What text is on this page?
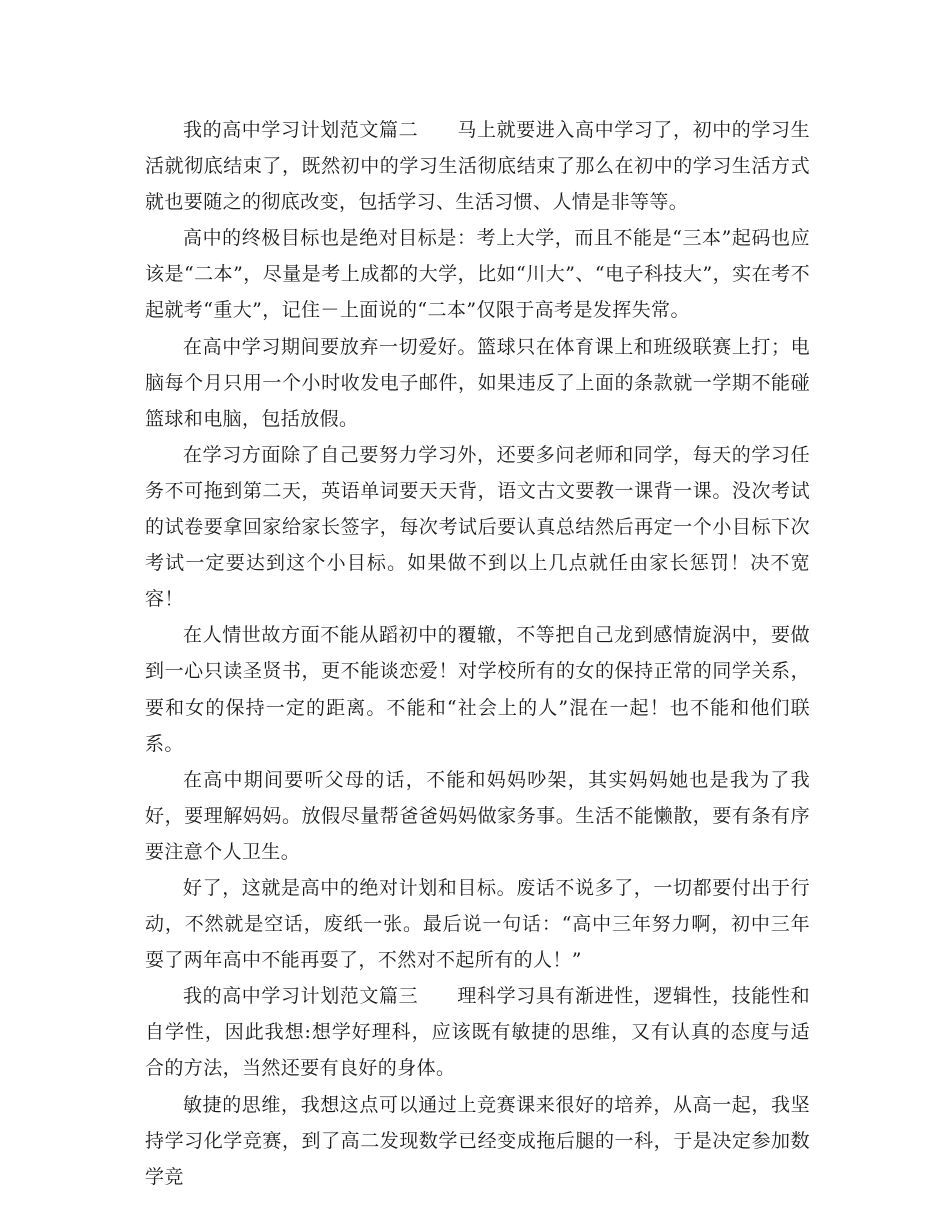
我的高中学习计划范文篇二　　马上就要进入高中学习了，初中的学习生活就彻底结束了，既然初中的学习生活彻底结束了那么在初中的学习生活方式就也要随之的彻底改变，包括学习、生活习惯、人情是非等等。

高中的终极目标也是绝对目标是：考上大学，而且不能是“三本”起码也应该是“二本”，尽量是考上成都的大学，比如“川大”、“电子科技大”，实在考不起就考“重大”，记住－上面说的“二本”仅限于高考是发挥失常。

在高中学习期间要放弃一切爱好。篮球只在体育课上和班级联赛上打；电脑每个月只用一个小时收发电子邮件，如果违反了上面的条款就一学期不能碰篮球和电脑，包括放假。

在学习方面除了自己要努力学习外，还要多问老师和同学，每天的学习任务不可拖到第二天，英语单词要天天背，语文古文要教一课背一课。没次考试的试卷要拿回家给家长签字，每次考试后要认真总结然后再定一个小目标下次考试一定要达到这个小目标。如果做不到以上几点就任由家长惩罚！决不宽容！

在人情世故方面不能从蹈初中的覆辙，不等把自己龙到感情旋涡中，要做到一心只读圣贤书，更不能谈恋爱！对学校所有的女的保持正常的同学关系，要和女的保持一定的距离。不能和“社会上的人”混在一起！也不能和他们联系。

在高中期间要听父母的话，不能和妈妈吵架，其实妈妈她也是我为了我好，要理解妈妈。放假尽量帮爸爸妈妈做家务事。生活不能懒散，要有条有序要注意个人卫生。

好了，这就是高中的绝对计划和目标。废话不说多了，一切都要付出于行动，不然就是空话，废纸一张。最后说一句话：“高中三年努力啊，初中三年耍了两年高中不能再耍了，不然对不起所有的人！”

我的高中学习计划范文篇三　　理科学习具有渐进性，逻辑性，技能性和自学性，因此我想:想学好理科，应该既有敏捷的思维，又有认真的态度与适合的方法，当然还要有良好的身体。

敏捷的思维，我想这点可以通过上竞赛课来很好的培养，从高一起，我坚持学习化学竞赛，到了高二发现数学已经变成拖后腿的一科，于是决定参加数学竞
